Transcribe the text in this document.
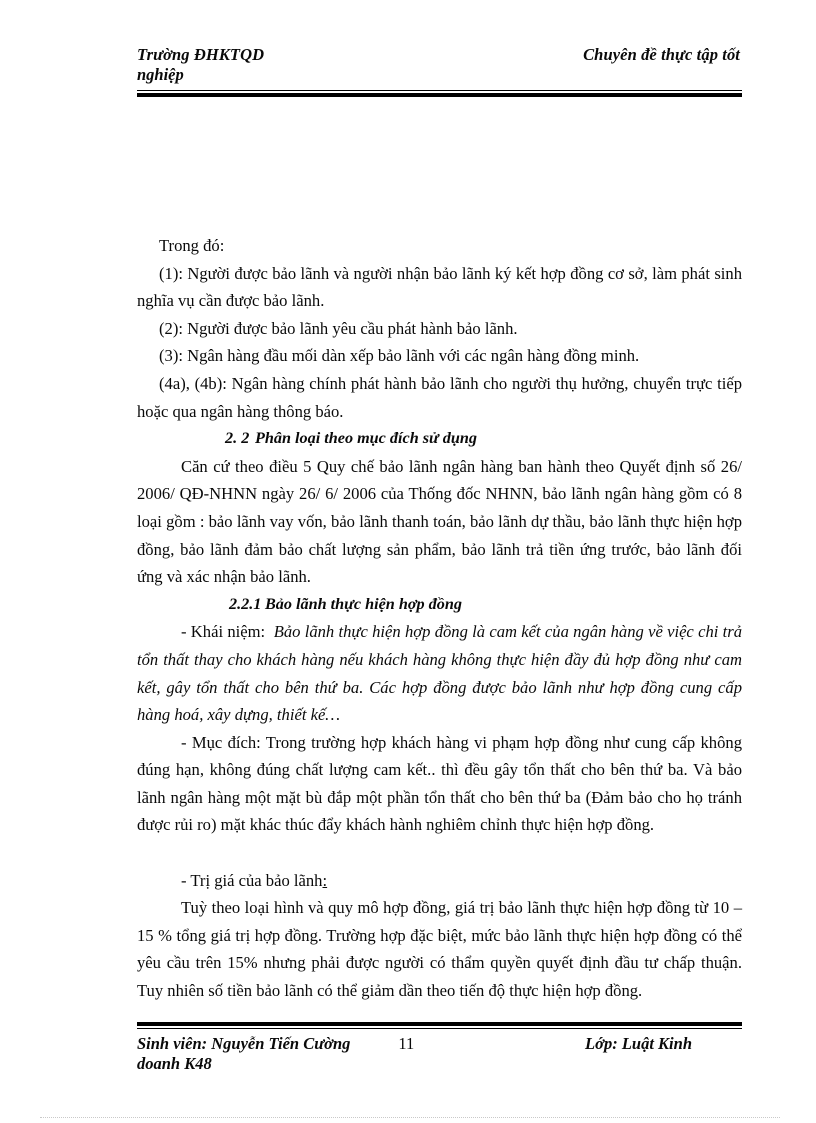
Trường ĐHKTQD	Chuyên đề thực tập tốt
nghiệp

Trong đó:

(1): Người được bảo lãnh và người nhận bảo lãnh ký kết hợp đồng cơ sở, làm phát sinh nghĩa vụ cần được bảo lãnh.

(2): Người được bảo lãnh yêu cầu phát hành bảo lãnh.

(3): Ngân hàng đầu mối dàn xếp bảo lãnh với các ngân hàng đồng minh.

(4a), (4b): Ngân hàng chính phát hành bảo lãnh cho người thụ hưởng, chuyển trực tiếp hoặc qua ngân hàng thông báo.

2. 2 Phân loại theo mục đích sử dụng

Căn cứ theo điều 5 Quy chế bảo lãnh ngân hàng ban hành theo Quyết định số 26/ 2006/ QĐ-NHNN ngày 26/ 6/ 2006 của Thống đốc NHNN, bảo lãnh ngân hàng gồm có 8 loại gồm : bảo lãnh vay vốn, bảo lãnh thanh toán, bảo lãnh dự thầu, bảo lãnh thực hiện hợp đồng, bảo lãnh đảm bảo chất lượng sản phẩm, bảo lãnh trả tiền ứng trước, bảo lãnh đối ứng và xác nhận bảo lãnh.

2.2.1 Bảo lãnh thực hiện hợp đồng

- Khái niệm: Bảo lãnh thực hiện hợp đồng là cam kết của ngân hàng về việc chi trả tổn thất thay cho khách hàng nếu khách hàng không thực hiện đầy đủ hợp đồng như cam kết, gây tổn thất cho bên thứ ba. Các hợp đồng được bảo lãnh như hợp đồng cung cấp hàng hoá, xây dựng, thiết kế…

- Mục đích: Trong trường hợp khách hàng vi phạm hợp đồng như cung cấp không đúng hạn, không đúng chất lượng cam kết.. thì đều gây tổn thất cho bên thứ ba. Và bảo lãnh ngân hàng một mặt bù đắp một phần tổn thất cho bên thứ ba (Đảm bảo cho họ tránh được rủi ro) mặt khác thúc đẩy khách hành nghiêm chỉnh thực hiện hợp đồng.

- Trị giá của bảo lãnh:

Tuỳ theo loại hình và quy mô hợp đồng, giá trị bảo lãnh thực hiện hợp đồng từ 10 – 15 % tổng giá trị hợp đồng. Trường hợp đặc biệt, mức bảo lãnh thực hiện hợp đồng có thể yêu cầu trên 15% nhưng phải được người có thẩm quyền quyết định đầu tư chấp thuận. Tuy nhiên số tiền bảo lãnh có thể giảm dần theo tiến độ thực hiện hợp đồng.

Sinh viên: Nguyễn Tiến Cường	11	Lớp: Luật Kinh
doanh K48
